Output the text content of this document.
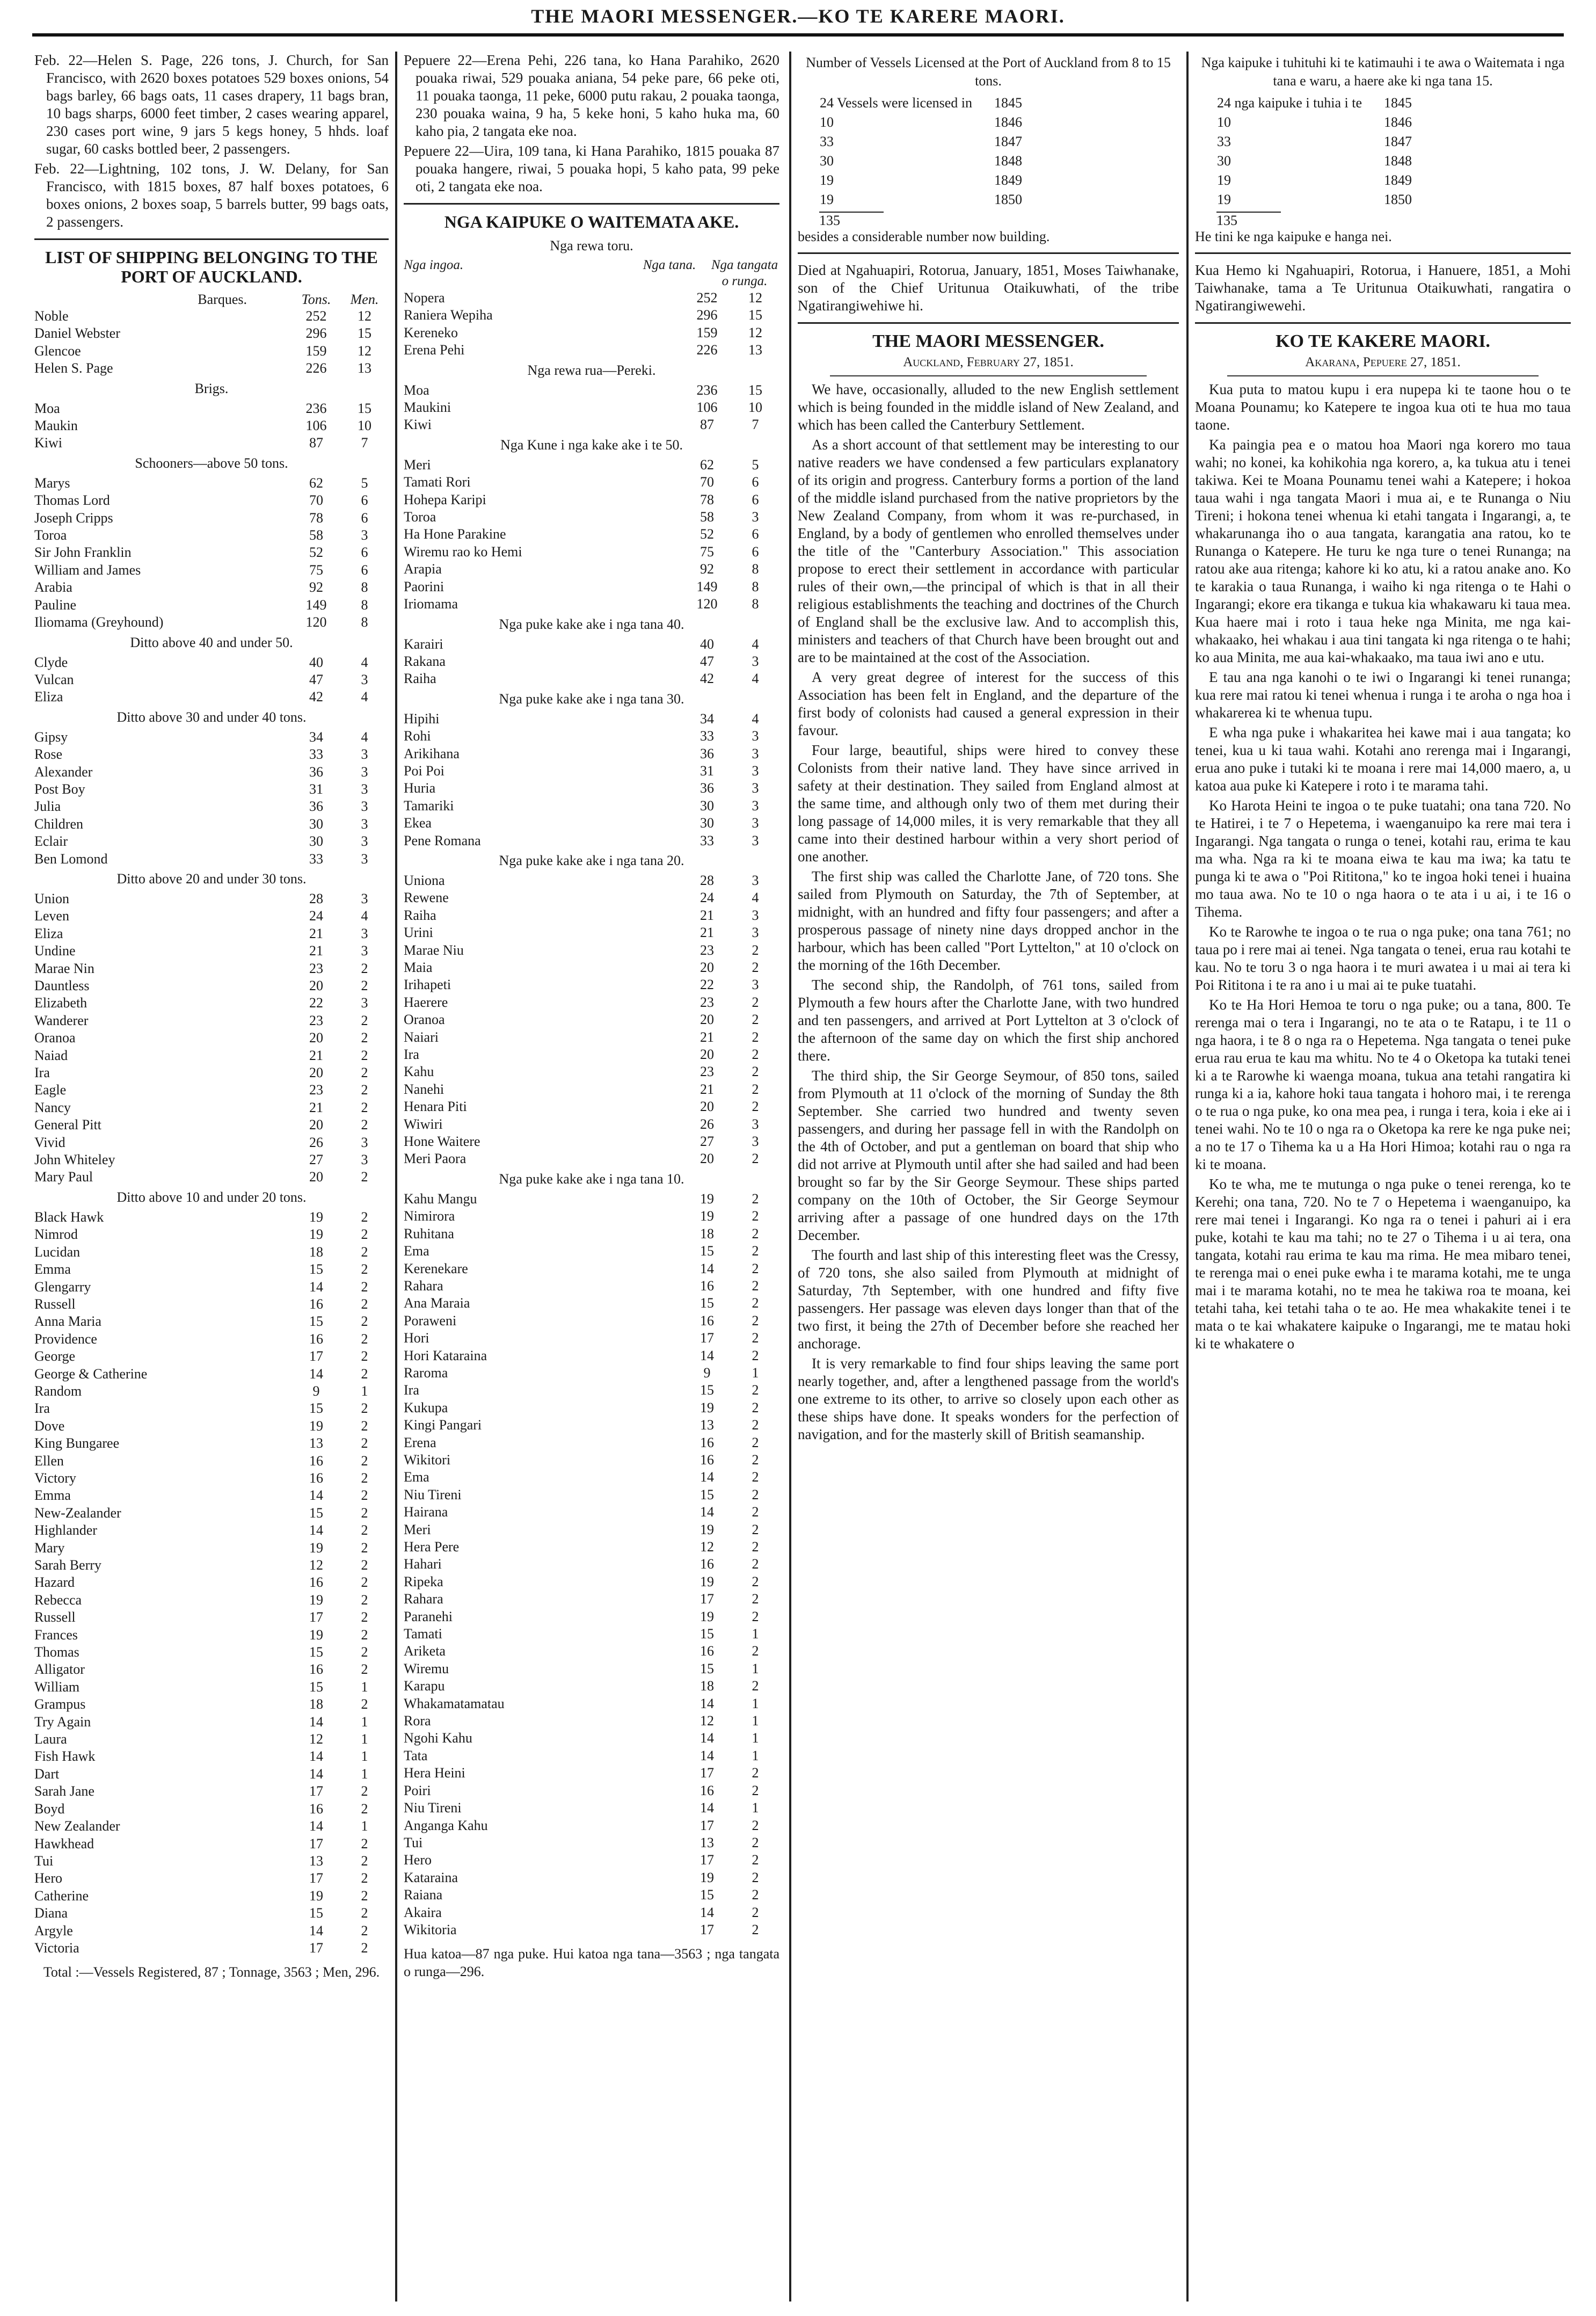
THE MAORI MESSENGER.—KO TE KARERE MAORI.

Feb. 22—Helen S. Page, 226 tons, J. Church, for San Francisco, with 2620 boxes potatoes 529 boxes onions, 54 bags barley, 66 bags oats, 11 cases drapery, 11 bags bran, 10 bags sharps, 6000 feet timber, 2 cases wearing apparel, 230 cases port wine, 9 jars 5 kegs honey, 5 hhds. loaf sugar, 60 casks bottled beer, 2 passengers.

Feb. 22—Lightning, 102 tons, J. W. Delany, for San Francisco, with 1815 boxes, 87 half boxes potatoes, 6 boxes onions, 2 boxes soap, 5 barrels butter, 99 bags oats, 2 passengers.

LIST OF SHIPPING BELONGING TO THE PORT OF AUCKLAND.
Barques.	Tons.	Men.
Noble		252	12
Daniel Webster		296	15
Glencoe		159	12
Helen S. Page		226	13
Brigs.
Moa		236	15
Maukin		106	10
Kiwi		87	7
Schooners—above 50 tons.
Marys		62	5
Thomas Lord		70	6
Joseph Cripps		78	6
Toroa		58	3
Sir John Franklin		52	6
William and James		75	6
Arabia		92	8
Pauline		149	8
Iliomama (Greyhound)		120	8
Ditto above 40 and under 50.
Clyde		40	4
Vulcan		47	3
Eliza		42	4
Ditto above 30 and under 40 tons.
Gipsy		34	4
Rose		33	3
Alexander		36	3
Post Boy		31	3
Julia		36	3
Children		30	3
Eclair		30	3
Ben Lomond		33	3
Ditto above 20 and under 30 tons.
Union		28	3
Leven		24	4
Eliza		21	3
Undine		21	3
Marae Nin		23	2
Dauntless		20	2
Elizabeth		22	3
Wanderer		23	2
Oranoa		20	2
Naiad		21	2
Ira		20	2
Eagle		23	2
Nancy		21	2
General Pitt		20	2
Vivid		26	3
John Whiteley		27	3
Mary Paul		20	2
Ditto above 10 and under 20 tons.
Black Hawk		19	2
Nimrod		19	2
Lucidan		18	2
Emma		15	2
Glengarry		14	2
Russell		16	2
Anna Maria		15	2
Providence		16	2
George		17	2
George & Catherine		14	2
Random		9	1
Ira		15	2
Dove		19	2
King Bungaree		13	2
Ellen		16	2
Victory		16	2
Emma		14	2
New-Zealander		15	2
Highlander		14	2
Mary		19	2
Sarah Berry		12	2
Hazard		16	2
Rebecca		19	2
Russell		17	2
Frances		19	2
Thomas		15	2
Alligator		16	2
William		15	1
Grampus		18	2
Try Again		14	1
Laura		12	1
Fish Hawk		14	1
Dart		14	1
Sarah Jane		17	2
Boyd		16	2
New Zealander		14	1
Hawkhead		17	2
Tui		13	2
Hero		17	2
Catherine		19	2
Diana		15	2
Argyle		14	2
Victoria		17	2
Total :—Vessels Registered, 87 ; Tonnage, 3563 ; Men, 296.

Pepuere 22—Erena Pehi, 226 tana, ko Hana Parahiko, 2620 pouaka riwai, 529 pouaka aniana, 54 peke pare, 66 peke oti, 11 pouaka taonga, 11 peke, 6000 putu rakau, 2 pouaka taonga, 230 pouaka waina, 9 ha, 5 keke honi, 5 kaho huka ma, 60 kaho pia, 2 tangata eke noa.

Pepuere 22—Uira, 109 tana, ki Hana Parahiko, 1815 pouaka 87 pouaka hangere, riwai, 5 pouaka hopi, 5 kaho pata, 99 peke oti, 2 tangata eke noa.

NGA KAIPUKE O WAITEMATA AKE.
Nga rewa toru.
Nga ingoa.	Nga tana.	Nga tangata o runga.
Nopera		252	12
Raniera Wepiha		296	15
Kereneko		159	12
Erena Pehi		226	13
Nga rewa rua—Pereki.
Moa		236	15
Maukini		106	10
Kiwi		87	7
Nga Kune i nga kake ake i te 50.
Meri		62	5
Tamati Rori		70	6
Hohepa Karipi		78	6
Toroa		58	3
Ha Hone Parakine		52	6
Wiremu rao ko Hemi		75	6
Arapia		92	8
Paorini		149	8
Iriomama		120	8
Nga puke kake ake i nga tana 40.
Karairi		40	4
Rakana		47	3
Raiha		42	4
Nga puke kake ake i nga tana 30.
Hipihi		34	4
Rohi		33	3
Arikihana		36	3
Poi Poi		31	3
Huria		36	3
Tamariki		30	3
Ekea		30	3
Pene Romana		33	3
Nga puke kake ake i nga tana 20.
Uniona		28	3
Rewene		24	4
Raiha		21	3
Urini		21	3
Marae Niu		23	2
Maia		20	2
Irihapeti		22	3
Haerere		23	2
Oranoa		20	2
Naiari		21	2
Ira		20	2
Kahu		23	2
Nanehi		21	2
Henara Piti		20	2
Wiwiri		26	3
Hone Waitere		27	3
Meri Paora		20	2
Nga puke kake ake i nga tana 10.
Kahu Mangu		19	2
Nimirora		19	2
Ruhitana		18	2
Ema		15	2
Kerenekare		14	2
Rahara		16	2
Ana Maraia		15	2
Poraweni		16	2
Hori		17	2
Hori Kataraina		14	2
Raroma		9	1
Ira		15	2
Kukupa		19	2
Kingi Pangari		13	2
Erena		16	2
Wikitori		16	2
Ema		14	2
Niu Tireni		15	2
Hairana		14	2
Meri		19	2
Hera Pere		12	2
Hahari		16	2
Ripeka		19	2
Rahara		17	2
Paranehi		19	2
Tamati		15	1
Ariketa		16	2
Wiremu		15	1
Karapu		18	2
Whakamatamatau		14	1
Rora		12	1
Ngohi Kahu		14	1
Tata		14	1
Hera Heini		17	2
Poiri		16	2
Niu Tireni		14	1
Anganga Kahu		17	2
Tui		13	2
Hero		17	2
Kataraina		19	2
Raiana		15	2
Akaira		14	2
Wikitoria		17	2
Hua katoa—87 nga puke. Hui katoa nga tana—3563 ; nga tangata o runga—296.
Number of Vessels Licensed at the Port of Auckland from 8 to 15 tons.
24 Vessels were licensed in	1845
10	1846
33	1847
30	1848
19	1849
19	1850
135
besides a considerable number now building.

Died at Ngahuapiri, Rotorua, January, 1851, Moses Taiwhanake, son of the Chief Uritunua Otaikuwhati, of the tribe Ngatirangiwehiwe hi.

THE MAORI MESSENGER.
Auckland, February 27, 1851.

We have, occasionally, alluded to the new English settlement which is being founded in the middle island of New Zealand, and which has been called the Canterbury Settlement.

As a short account of that settlement may be interesting to our native readers we have condensed a few particulars explanatory of its origin and progress. Canterbury forms a portion of the land of the middle island purchased from the native proprietors by the New Zealand Company, from whom it was re-purchased, in England, by a body of gentlemen who enrolled themselves under the title of the "Canterbury Association." This association propose to erect their settlement in accordance with particular rules of their own,—the principal of which is that in all their religious establishments the teaching and doctrines of the Church of England shall be the exclusive law. And to accomplish this, ministers and teachers of that Church have been brought out and are to be maintained at the cost of the Association.

A very great degree of interest for the success of this Association has been felt in England, and the departure of the first body of colonists had caused a general expression in their favour.

Four large, beautiful, ships were hired to convey these Colonists from their native land. They have since arrived in safety at their destination. They sailed from England almost at the same time, and although only two of them met during their long passage of 14,000 miles, it is very remarkable that they all came into their destined harbour within a very short period of one another.

The first ship was called the Charlotte Jane, of 720 tons. She sailed from Plymouth on Saturday, the 7th of September, at midnight, with an hundred and fifty four passengers; and after a prosperous passage of ninety nine days dropped anchor in the harbour, which has been called "Port Lyttelton," at 10 o'clock on the morning of the 16th December.

The second ship, the Randolph, of 761 tons, sailed from Plymouth a few hours after the Charlotte Jane, with two hundred and ten passengers, and arrived at Port Lyttelton at 3 o'clock of the afternoon of the same day on which the first ship anchored there.

The third ship, the Sir George Seymour, of 850 tons, sailed from Plymouth at 11 o'clock of the morning of Sunday the 8th September. She carried two hundred and twenty seven passengers, and during her passage fell in with the Randolph on the 4th of October, and put a gentleman on board that ship who did not arrive at Plymouth until after she had sailed and had been brought so far by the Sir George Seymour. These ships parted company on the 10th of October, the Sir George Seymour arriving after a passage of one hundred days on the 17th December.

The fourth and last ship of this interesting fleet was the Cressy, of 720 tons, she also sailed from Plymouth at midnight of Saturday, 7th September, with one hundred and fifty five passengers. Her passage was eleven days longer than that of the two first, it being the 27th of December before she reached her anchorage.

It is very remarkable to find four ships leaving the same port nearly together, and, after a lengthened passage from the world's one extreme to its other, to arrive so closely upon each other as these ships have done. It speaks wonders for the perfection of navigation, and for the masterly skill of British seamanship.

Nga kaipuke i tuhituhi ki te katimauhi i te awa o Waitemata i nga tana e waru, a haere ake ki nga tana 15.
24 nga kaipuke i tuhia i te	1845
10	1846
33	1847
30	1848
19	1849
19	1850
135
He tini ke nga kaipuke e hanga nei.

Kua Hemo ki Ngahuapiri, Rotorua, i Hanuere, 1851, a Mohi Taiwhanake, tama a Te Uritunua Otaikuwhati, rangatira o Ngatirangiwewehi.

KO TE KAKERE MAORI.
Akarana, Pepuere 27, 1851.

Kua puta to matou kupu i era nupepa ki te taone hou o te Moana Pounamu; ko Katepere te ingoa kua oti te hua mo taua taone.

Ka paingia pea e o matou hoa Maori nga korero mo taua wahi; no konei, ka kohikohia nga korero, a, ka tukua atu i tenei takiwa. Kei te Moana Pounamu tenei wahi a Katepere; i hokoa taua wahi i nga tangata Maori i mua ai, e te Runanga o Niu Tireni; i hokona tenei whenua ki etahi tangata i Ingarangi, a, te whakarunanga iho o aua tangata, karangatia ana ratou, ko te Runanga o Katepere. He turu ke nga ture o tenei Runanga; na ratou ake aua ritenga; kahore ki ko atu, ki a ratou anake ano. Ko te karakia o taua Runanga, i waiho ki nga ritenga o te Hahi o Ingarangi; ekore era tikanga e tukua kia whakawaru ki taua mea. Kua haere mai i roto i taua heke nga Minita, me nga kai-whakaako, hei whakau i aua tini tangata ki nga ritenga o te hahi; ko aua Minita, me aua kai-whakaako, ma taua iwi ano e utu.

E tau ana nga kanohi o te iwi o Ingarangi ki tenei runanga; kua rere mai ratou ki tenei whenua i runga i te aroha o nga hoa i whakarerea ki te whenua tupu.

E wha nga puke i whakaritea hei kawe mai i aua tangata; ko tenei, kua u ki taua wahi. Kotahi ano rerenga mai i Ingarangi, erua ano puke i tutaki ki te moana i rere mai 14,000 maero, a, u katoa aua puke ki Katepere i roto i te marama tahi.

Ko Harota Heini te ingoa o te puke tuatahi; ona tana 720. No te Hatirei, i te 7 o Hepetema, i waenganuipo ka rere mai tera i Ingarangi. Nga tangata o runga o tenei, kotahi rau, erima te kau ma wha. Nga ra ki te moana eiwa te kau ma iwa; ka tatu te punga ki te awa o "Poi Rititona," ko te ingoa hoki tenei i huaina mo taua awa. No te 10 o nga haora o te ata i u ai, i te 16 o Tihema.

Ko te Rarowhe te ingoa o te rua o nga puke; ona tana 761; no taua po i rere mai ai tenei. Nga tangata o tenei, erua rau kotahi te kau. No te toru 3 o nga haora i te muri awatea i u mai ai tera ki Poi Rititona i te ra ano i u mai ai te puke tuatahi.

Ko te Ha Hori Hemoa te toru o nga puke; ou a tana, 800. Te rerenga mai o tera i Ingarangi, no te ata o te Ratapu, i te 11 o nga haora, i te 8 o nga ra o Hepetema. Nga tangata o tenei puke erua rau erua te kau ma whitu. No te 4 o Oketopa ka tutaki tenei ki a te Rarowhe ki waenga moana, tukua ana tetahi rangatira ki runga ki a ia, kahore hoki taua tangata i hohoro mai, i te rerenga o te rua o nga puke, ko ona mea pea, i runga i tera, koia i eke ai i tenei wahi. No te 10 o nga ra o Oketopa ka rere ke nga puke nei; a no te 17 o Tihema ka u a Ha Hori Himoa; kotahi rau o nga ra ki te moana.

Ko te wha, me te mutunga o nga puke o tenei rerenga, ko te Kerehi; ona tana, 720. No te 7 o Hepetema i waenganuipo, ka rere mai tenei i Ingarangi. Ko nga ra o tenei i pahuri ai i era puke, kotahi te kau ma tahi; no te 27 o Tihema i u ai tera, ona tangata, kotahi rau erima te kau ma rima. He mea mibaro tenei, te rerenga mai o enei puke ewha i te marama kotahi, me te unga mai i te marama kotahi, no te mea he takiwa roa te moana, kei tetahi taha, kei tetahi taha o te ao. He mea whakakite tenei i te mata o te kai whakatere kaipuke o Ingarangi, me te matau hoki ki te whakatere o
